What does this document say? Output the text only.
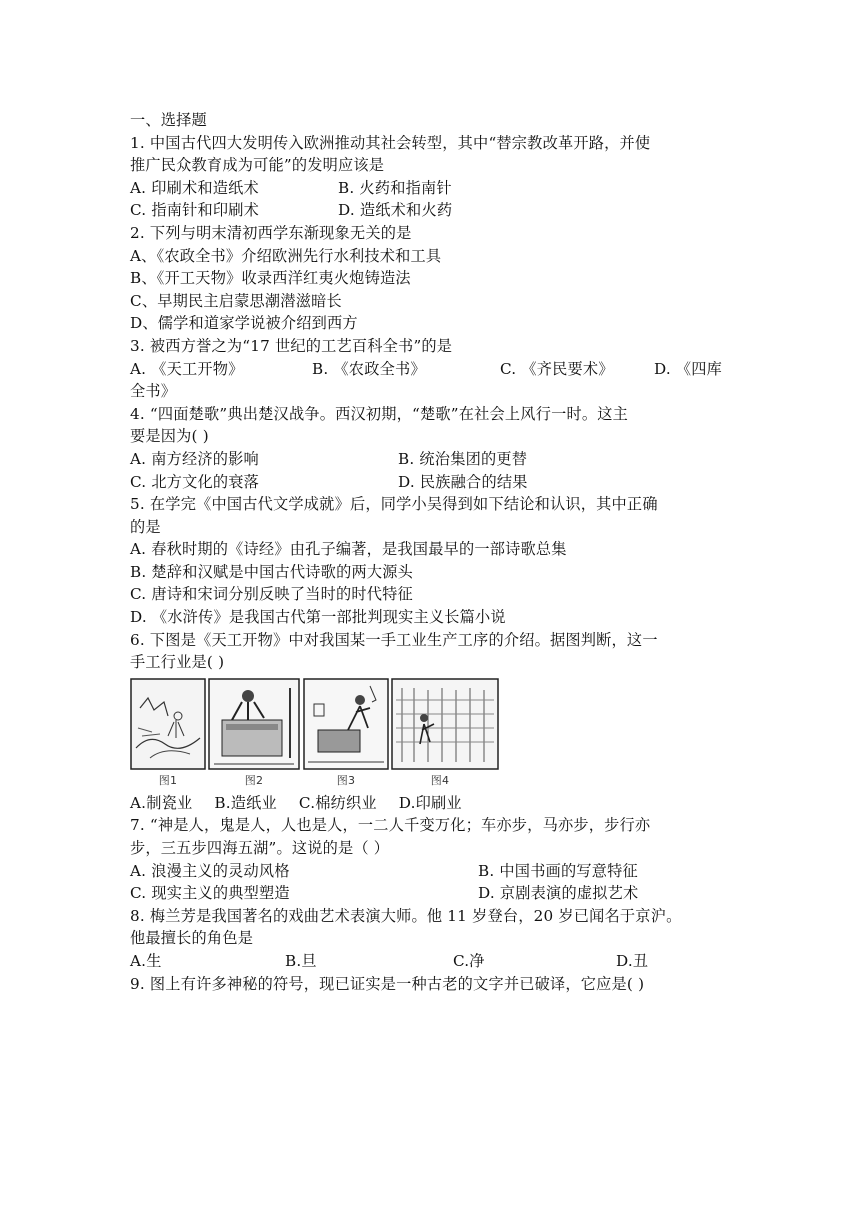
一、选择题
1. 中国古代四大发明传入欧洲推动其社会转型，其中“替宗教改革开路，并使
推广民众教育成为可能”的发明应该是
A. 印刷术和造纸术	B. 火药和指南针
C. 指南针和印刷术	D. 造纸术和火药
2. 下列与明末清初西学东渐现象无关的是
A、《农政全书》介绍欧洲先行水利技术和工具
B、《开工天物》收录西洋红夷火炮铸造法
C、早期民主启蒙思潮潜滋暗长
D、儒学和道家学说被介绍到西方
3. 被西方誉之为“17 世纪的工艺百科全书”的是
A. 《天工开物》	B. 《农政全书》	C. 《齐民要术》	D. 《四库
全书》
4. “四面楚歌”典出楚汉战争。西汉初期，“楚歌”在社会上风行一时。这主
要是因为( )
A. 南方经济的影响	B. 统治集团的更替
C. 北方文化的衰落	D. 民族融合的结果
5. 在学完《中国古代文学成就》后，同学小吴得到如下结论和认识，其中正确
的是
A. 春秋时期的《诗经》由孔子编著，是我国最早的一部诗歌总集
B. 楚辞和汉赋是中国古代诗歌的两大源头
C. 唐诗和宋词分别反映了当时的时代特征
D. 《水浒传》是我国古代第一部批判现实主义长篇小说
6. 下图是《天工开物》中对我国某一手工业生产工序的介绍。据图判断，这一
手工行业是( )
图1	图2	图3	图4
A.制瓷业 B.造纸业 C.棉纺织业 D.印刷业
7. “神是人，鬼是人，人也是人，一二人千变万化；车亦步，马亦步，步行亦
步，三五步四海五湖”。这说的是（ ）
A. 浪漫主义的灵动风格	B. 中国书画的写意特征
C. 现实主义的典型塑造	D. 京剧表演的虚拟艺术
8. 梅兰芳是我国著名的戏曲艺术表演大师。他 11 岁登台，20 岁已闻名于京沪。
他最擅长的角色是
A.生	B.旦	C.净	D.丑
9. 图上有许多神秘的符号，现已证实是一种古老的文字并已破译，它应是( )
